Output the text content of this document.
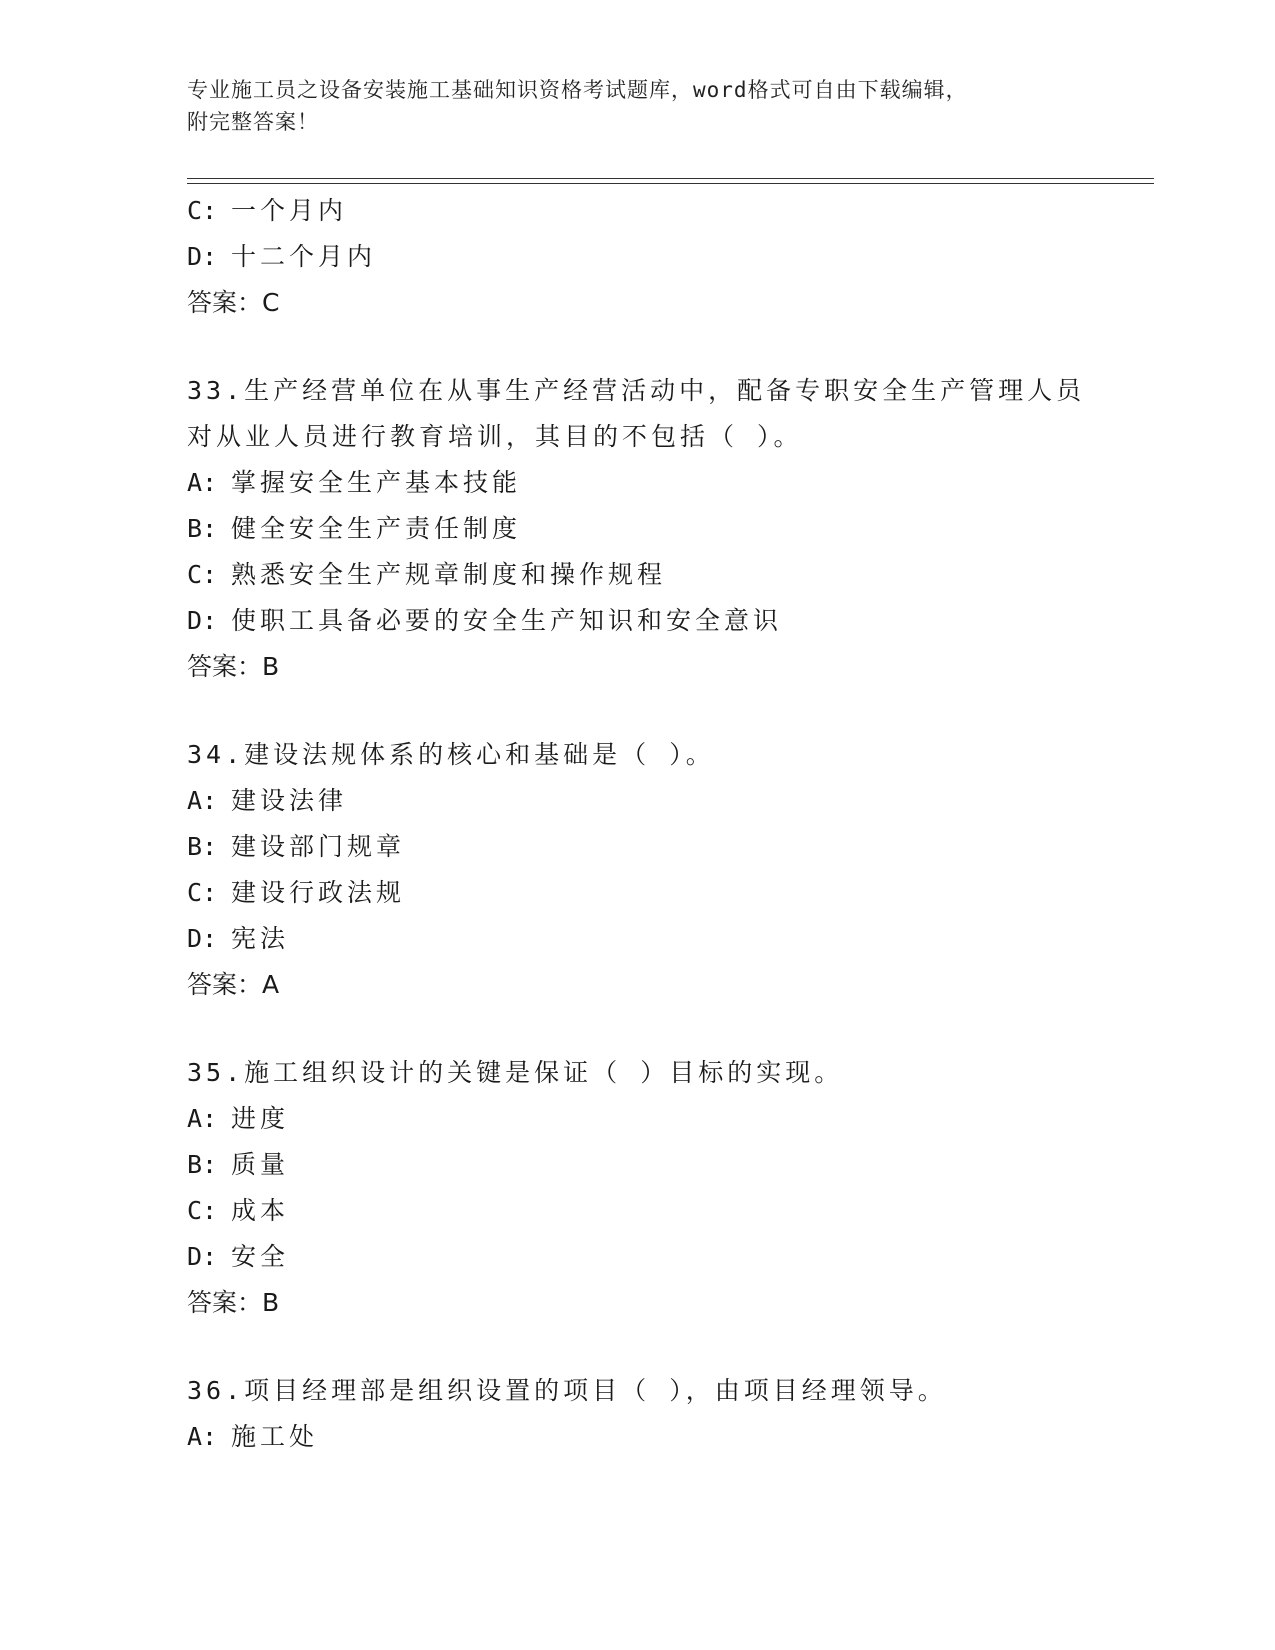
专业施工员之设备安装施工基础知识资格考试题库，word格式可自由下载编辑，
附完整答案！
C: 一个月内
D: 十二个月内
答案：C
33.生产经营单位在从事生产经营活动中，配备专职安全生产管理人员
对从业人员进行教育培训，其目的不包括（ ）。
A: 掌握安全生产基本技能
B: 健全安全生产责任制度
C: 熟悉安全生产规章制度和操作规程
D: 使职工具备必要的安全生产知识和安全意识
答案：B
34.建设法规体系的核心和基础是（ ）。
A: 建设法律
B: 建设部门规章
C: 建设行政法规
D: 宪法
答案：A
35.施工组织设计的关键是保证（ ）目标的实现。
A: 进度
B: 质量
C: 成本
D: 安全
答案：B
36.项目经理部是组织设置的项目（ ），由项目经理领导。
A: 施工处
